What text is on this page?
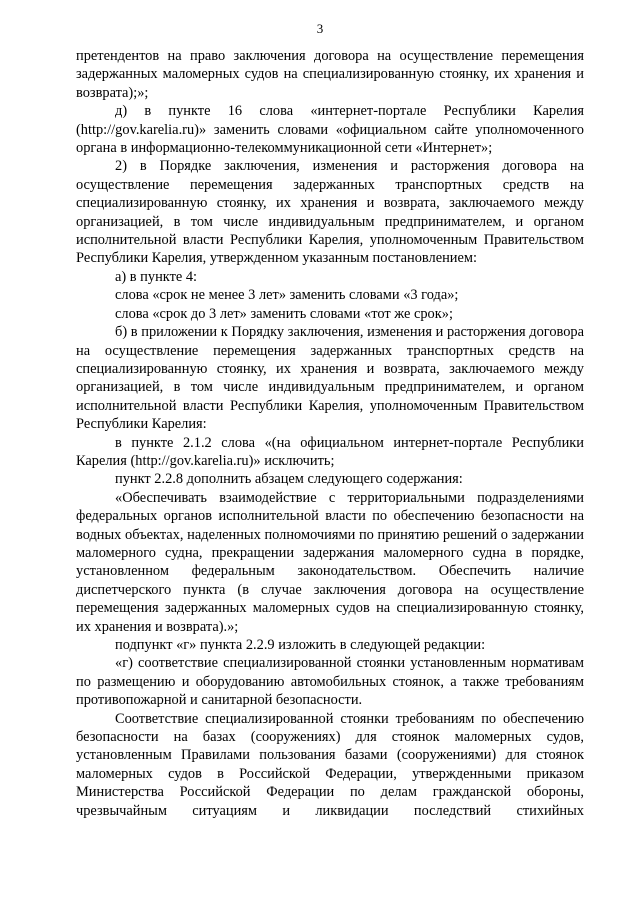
3

претендентов на право заключения договора на осуществление перемещения задержанных маломерных судов на специализированную стоянку, их хранения и возврата);»;

д) в пункте 16 слова «интернет-портале Республики Карелия (http://gov.karelia.ru)» заменить словами «официальном сайте уполномоченного органа в информационно-телекоммуникационной сети «Интернет»;

2) в Порядке заключения, изменения и расторжения договора на осуществление перемещения задержанных транспортных средств на специализированную стоянку, их хранения и возврата, заключаемого между организацией, в том числе индивидуальным предпринимателем, и органом исполнительной власти Республики Карелия, уполномоченным Правительством Республики Карелия, утвержденном указанным постановлением:

а) в пункте 4:

слова «срок не менее 3 лет» заменить словами «3 года»;

слова «срок до 3 лет» заменить словами «тот же срок»;

б) в приложении к Порядку заключения, изменения и расторжения договора на осуществление перемещения задержанных транспортных средств на специализированную стоянку, их хранения и возврата, заключаемого между организацией, в том числе индивидуальным предпринимателем, и органом исполнительной власти Республики Карелия, уполномоченным Правительством Республики Карелия:

в пункте 2.1.2 слова «(на официальном интернет-портале Республики Карелия (http://gov.karelia.ru)» исключить;

пункт 2.2.8 дополнить абзацем следующего содержания:

«Обеспечивать взаимодействие с территориальными подразделениями федеральных органов исполнительной власти по обеспечению безопасности на водных объектах, наделенных полномочиями по принятию решений о задержании маломерного судна, прекращении задержания маломерного судна в порядке, установленном федеральным законодательством. Обеспечить наличие диспетчерского пункта (в случае заключения договора на осуществление перемещения задержанных маломерных судов на специализированную стоянку, их хранения и возврата).»;

подпункт «г» пункта 2.2.9 изложить в следующей редакции:

«г) соответствие специализированной стоянки установленным нормативам по размещению и оборудованию автомобильных стоянок, а также требованиям противопожарной и санитарной безопасности.

Соответствие специализированной стоянки требованиям по обеспечению безопасности на базах (сооружениях) для стоянок маломерных судов, установленным Правилами пользования базами (сооружениями) для стоянок маломерных судов в Российской Федерации, утвержденными приказом Министерства Российской Федерации по делам гражданской обороны, чрезвычайным ситуациям и ликвидации последствий стихийных
